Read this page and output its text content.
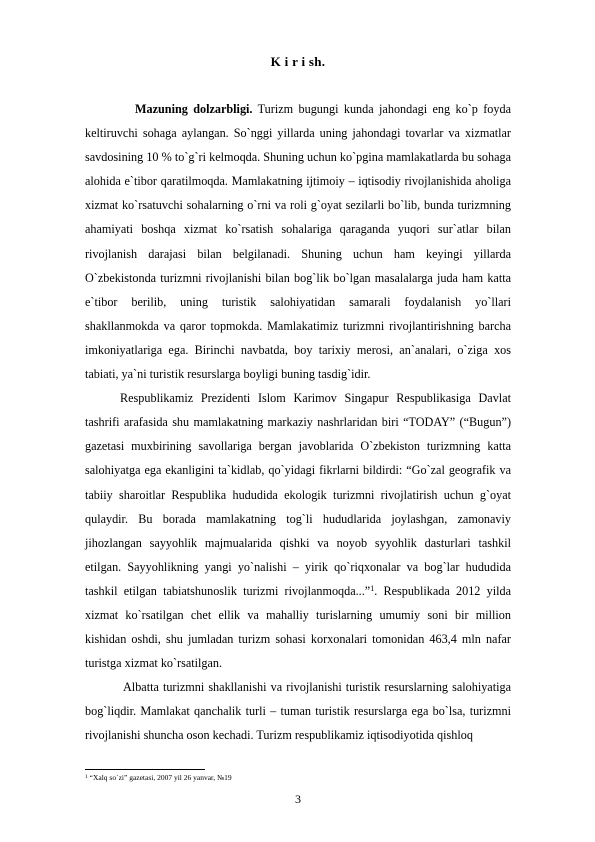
K i r i sh.

Mazuning dolzarbligi. Turizm bugungi kunda jahondagi eng ko`p foyda keltiruvchi sohaga aylangan. So`nggi yillarda uning jahondagi tovarlar va xizmatlar savdosining 10 % to`g`ri kelmoqda. Shuning uchun ko`pgina mamlakatlarda bu sohaga alohida e`tibor qaratilmoqda. Mamlakatning ijtimoiy – iqtisodiy rivojlanishida aholiga xizmat ko`rsatuvchi sohalarning o`rni va roli g`oyat sezilarli bo`lib, bunda turizmning ahamiyati boshqa xizmat ko`rsatish sohalariga qaraganda yuqori sur`atlar bilan rivojlanish darajasi bilan belgilanadi. Shuning uchun ham keyingi yillarda O`zbekistonda turizmni rivojlanishi bilan bog`lik bo`lgan masalalarga juda ham katta e`tibor berilib, uning turistik salohiyatidan samarali foydalanish yo`llari shakllanmokda va qaror topmokda. Mamlakatimiz turizmni rivojlantirishning barcha imkoniyatlariga ega. Birinchi navbatda, boy tarixiy merosi, an`analari, o`ziga xos tabiati, ya`ni turistik resurslarga boyligi buning tasdig`idir.

Respublikamiz Prezidenti Islom Karimov Singapur Respublikasiga Davlat tashrifi arafasida shu mamlakatning markaziy nashrlaridan biri “TODAY” (“Bugun”) gazetasi muxbirining savollariga bergan javoblarida O`zbekiston turizmning katta salohiyatga ega ekanligini ta`kidlab, qo`yidagi fikrlarni bildirdi: “Go`zal geografik va tabiiy sharoitlar Respublika hududida ekologik turizmni rivojlatirish uchun g`oyat qulaydir. Bu borada mamlakatning tog`li hududlarida joylashgan, zamonaviy jihozlangan sayyohlik majmualarida qishki va noyob syyohlik dasturlari tashkil etilgan. Sayyohlikning yangi yo`nalishi – yirik qo`riqxonalar va bog`lar hududida tashkil etilgan tabiatshunoslik turizmi rivojlanmoqda...”$^1$. Respublikada 2012 yilda xizmat ko`rsatilgan chet ellik va mahalliy turislarning umumiy soni bir million kishidan oshdi, shu jumladan turizm sohasi korxonalari tomonidan 463,4 mln nafar turistga xizmat ko`rsatilgan.

Albatta turizmni shakllanishi va rivojlanishi turistik resurslarning salohiyatiga bog`liqdir. Mamlakat qanchalik turli – tuman turistik resurslarga ega bo`lsa, turizmni rivojlanishi shuncha oson kechadi. Turizm respublikamiz iqtisodiyotida qishloq

$^1$ “Xalq so`zi” gazetasi, 2007 yil 26 yanvar, №19
3
